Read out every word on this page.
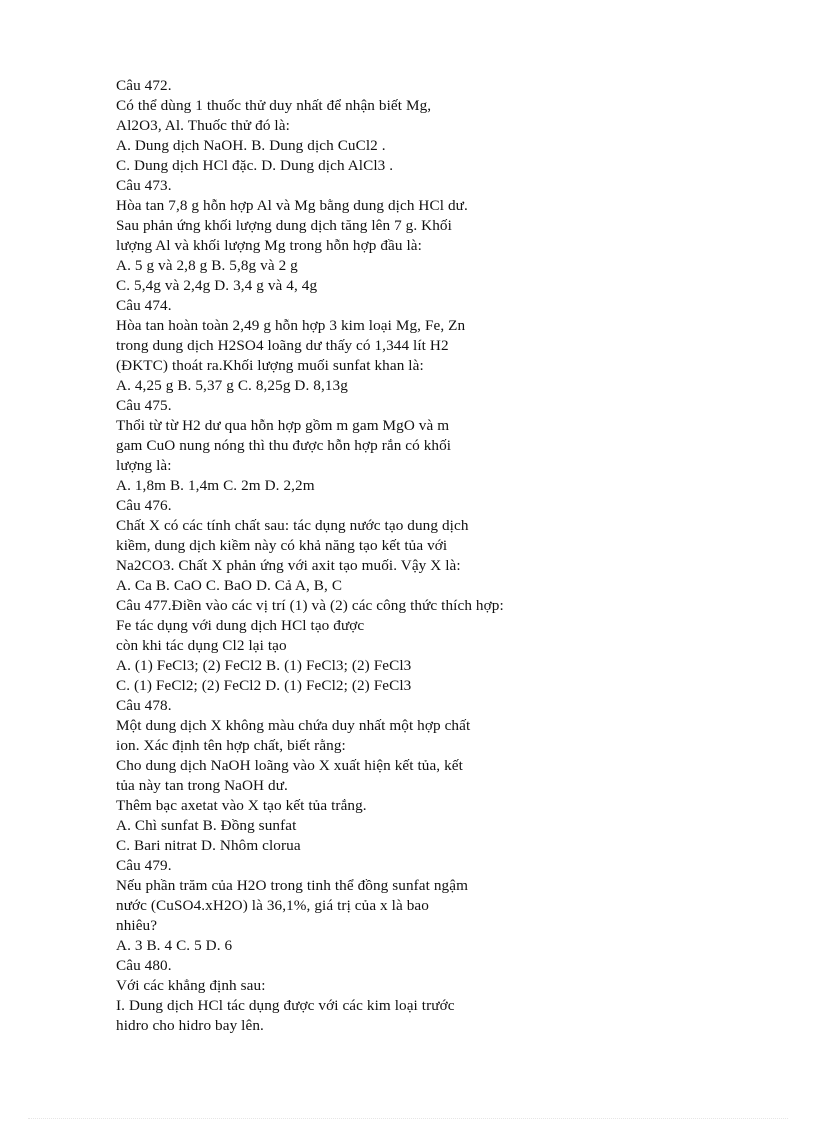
Câu 472.
Có thể dùng 1 thuốc thử duy nhất để nhận biết Mg,
Al2O3, Al. Thuốc thử đó là:
A. Dung dịch NaOH. B. Dung dịch CuCl2 .
C. Dung dịch HCl đặc. D. Dung dịch AlCl3 .
Câu 473.
Hòa tan 7,8 g hỗn hợp Al và Mg bằng dung dịch HCl dư.
Sau phản ứng khối lượng dung dịch tăng lên 7 g. Khối
lượng Al và khối lượng Mg trong hỗn hợp đầu là:
A. 5 g và 2,8 g B. 5,8g và 2 g
C. 5,4g và 2,4g D. 3,4 g và 4, 4g
Câu 474.
Hòa tan hoàn toàn 2,49 g hỗn hợp 3 kim loại Mg, Fe, Zn
trong dung dịch H2SO4 loãng dư thấy có 1,344 lít H2
(ĐKTC) thoát ra.Khối lượng muối sunfat khan là:
A. 4,25 g B. 5,37 g C. 8,25g D. 8,13g
Câu 475.
Thổi từ từ H2 dư qua hỗn hợp gồm m gam MgO và m
gam CuO nung nóng thì thu được hỗn hợp rắn có khối
lượng là:
A. 1,8m B. 1,4m C. 2m D. 2,2m
Câu 476.
Chất X có các tính chất sau: tác dụng nước tạo dung dịch
kiềm, dung dịch kiềm này có khả năng tạo kết tủa với
Na2CO3. Chất X phản ứng với axit tạo muối. Vậy X là:
A. Ca B. CaO C. BaO D. Cả A, B, C
Câu 477.Điền vào các vị trí (1) và (2) các công thức thích hợp:
Fe tác dụng với dung dịch HCl tạo được
còn khi tác dụng Cl2 lại tạo
A. (1) FeCl3; (2) FeCl2 B. (1) FeCl3; (2) FeCl3
C. (1) FeCl2; (2) FeCl2 D. (1) FeCl2; (2) FeCl3
Câu 478.
Một dung dịch X không màu chứa duy nhất một hợp chất
ion. Xác định tên hợp chất, biết rằng:
Cho dung dịch NaOH loãng vào X xuất hiện kết tủa, kết
tủa này tan trong NaOH dư.
Thêm bạc axetat vào X tạo kết tủa trắng.
A. Chì sunfat B. Đồng sunfat
C. Bari nitrat D. Nhôm clorua
Câu 479.
Nếu phần trăm của H2O trong tinh thể đồng sunfat ngậm
nước (CuSO4.xH2O) là 36,1%, giá trị của x là bao
nhiêu?
A. 3 B. 4 C. 5 D. 6
Câu 480.
Với các khẳng định sau:
I. Dung dịch HCl tác dụng được với các kim loại trước
hidro cho hidro bay lên.
